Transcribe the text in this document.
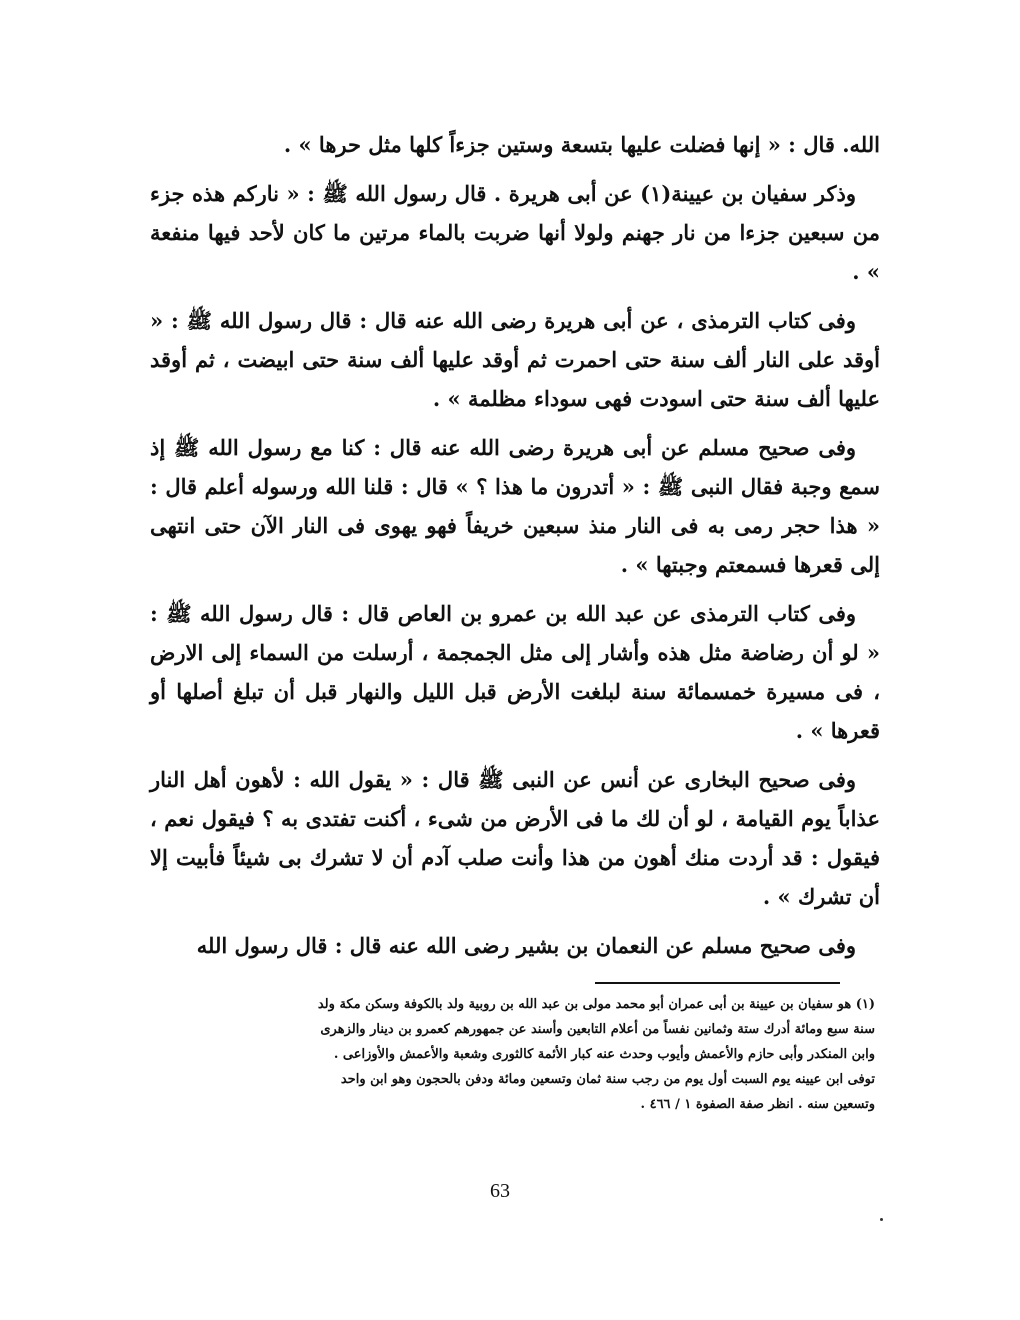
الله. قال : « إنها فضلت عليها بتسعة وستين جزءاً كلها مثل حرها » .

وذكر سفيان بن عيينة(١) عن أبى هريرة . قال رسول الله ﷺ : « ناركم هذه جزء من سبعين جزءا من نار جهنم ولولا أنها ضربت بالماء مرتين ما كان لأحد فيها منفعة » .

وفى كتاب الترمذى ، عن أبى هريرة رضى الله عنه قال : قال رسول الله ﷺ : « أوقد على النار ألف سنة حتى احمرت ثم أوقد عليها ألف سنة حتى ابيضت ، ثم أوقد عليها ألف سنة حتى اسودت فهى سوداء مظلمة » .

وفى صحيح مسلم عن أبى هريرة رضى الله عنه قال : كنا مع رسول الله ﷺ إذ سمع وجبة فقال النبى ﷺ : « أتدرون ما هذا ؟ » قال : قلنا الله ورسوله أعلم قال : « هذا حجر رمى به فى النار منذ سبعين خريفاً فهو يهوى فى النار الآن حتى انتهى إلى قعرها فسمعتم وجبتها » .

وفى كتاب الترمذى عن عبد الله بن عمرو بن العاص قال : قال رسول الله ﷺ : « لو أن رضاضة مثل هذه وأشار إلى مثل الجمجمة ، أرسلت من السماء إلى الارض ، فى مسيرة خمسمائة سنة لبلغت الأرض قبل الليل والنهار قبل أن تبلغ أصلها أو قعرها » .

وفى صحيح البخارى عن أنس عن النبى ﷺ قال : « يقول الله : لأهون أهل النار عذاباً يوم القيامة ، لو أن لك ما فى الأرض من شىء ، أكنت تفتدى به ؟ فيقول نعم ، فيقول : قد أردت منك أهون من هذا وأنت صلب آدم أن لا تشرك بى شيئاً فأبيت إلا أن تشرك » .

وفى صحيح مسلم عن النعمان بن بشير رضى الله عنه قال : قال رسول الله

(١) هو سفيان بن عيينة بن أبى عمران أبو محمد مولى بن عبد الله بن روبية ولد بالكوفة وسكن مكة ولد

سنة سبع ومائة أدرك ستة وثمانين نفساً من أعلام التابعين وأسند عن جمهورهم كعمرو بن دينار والزهرى

وابن المنكدر وأبى حازم والأعمش وأيوب وحدث عنه كبار الأئمة كالثورى وشعبة والأعمش والأوزاعى .

توفى ابن عيينه يوم السبت أول يوم من رجب سنة ثمان وتسعين ومائة ودفن بالحجون وهو ابن واحد

وتسعين سنه . انظر صفة الصفوة ١ / ٤٦٦ .

63
